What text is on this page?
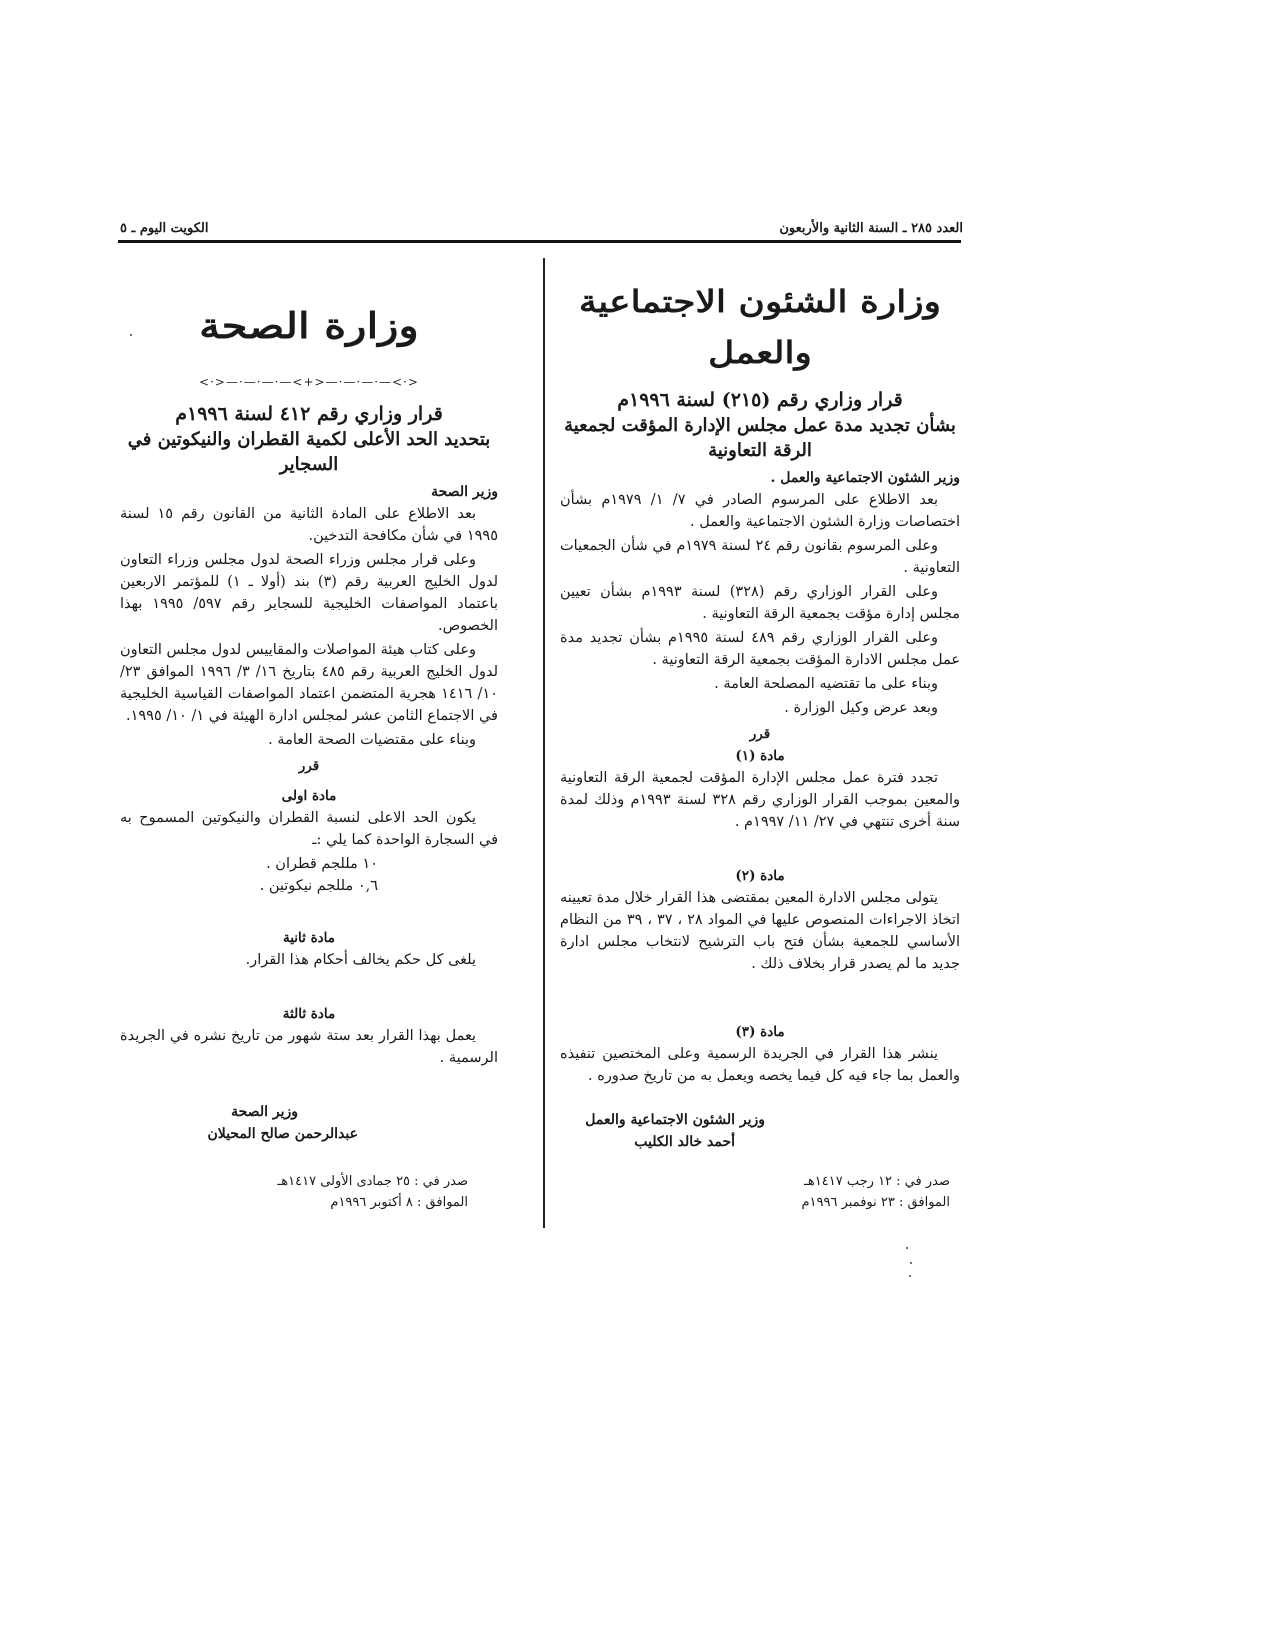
الكويت اليوم ـ ٥	العدد ٢٨٥ ـ السنة الثانية والأربعون
وزارة الصحة
<·>—·—·—·—<+>—·—·—·—<·>
قرار وزاري رقم ٤١٢ لسنة ١٩٩٦م
بتحديد الحد الأعلى لكمية القطران والنيكوتين في السجاير
وزير الصحة

بعد الاطلاع على المادة الثانية من القانون رقم ١٥ لسنة ١٩٩٥ في شأن مكافحة التدخين.

وعلى قرار مجلس وزراء الصحة لدول مجلس وزراء التعاون لدول الخليج العربية رقم (٣) بند (أولا ـ ١) للمؤتمر الاربعين باعتماد المواصفات الخليجية للسجاير رقم ٥٩٧/ ١٩٩٥ بهذا الخصوص.

وعلى كتاب هيئة المواصلات والمقاييس لدول مجلس التعاون لدول الخليج العربية رقم ٤٨٥ بتاريخ ١٦/ ٣/ ١٩٩٦ الموافق ٢٣/ ١٠/ ١٤١٦ هجرية المتضمن اعتماد المواصفات القياسية الخليجية في الاجتماع الثامن عشر لمجلس ادارة الهيئة في ١/ ١٠/ ١٩٩٥.

وبناء على مقتضيات الصحة العامة .

قرر
مادة اولى

يكون الحد الاعلى لنسبة القطران والنيكوتين المسموح به في السجارة الواحدة كما يلي :ـ

١٠ مللجم قطران .
٠,٦ مللجم نيكوتين .
مادة ثانية

يلغى كل حكم يخالف أحكام هذا القرار.

مادة ثالثة

يعمل بهذا القرار بعد ستة شهور من تاريخ نشره في الجريدة الرسمية .

وزير الصحة
عبدالرحمن صالح المحيلان
صدر في : ٢٥ جمادى الأولى ١٤١٧هـ
الموافق : ٨ أكتوبر ١٩٩٦م
وزارة الشئون الاجتماعية والعمل
قرار وزاري رقم (٢١٥) لسنة ١٩٩٦م
بشأن تجديد مدة عمل مجلس الإدارة المؤقت لجمعية الرقة التعاونية
وزير الشئون الاجتماعية والعمل .

بعد الاطلاع على المرسوم الصادر في ٧/ ١/ ١٩٧٩م بشأن اختصاصات وزارة الشئون الاجتماعية والعمل .

وعلى المرسوم بقانون رقم ٢٤ لسنة ١٩٧٩م في شأن الجمعيات التعاونية .

وعلى القرار الوزاري رقم (٣٢٨) لسنة ١٩٩٣م بشأن تعيين مجلس إدارة مؤقت بجمعية الرقة التعاونية .

وعلى القرار الوزاري رقم ٤٨٩ لسنة ١٩٩٥م بشأن تجديد مدة عمل مجلس الادارة المؤقت بجمعية الرقة التعاونية .

وبناء على ما تقتضيه المصلحة العامة .

وبعد عرض وكيل الوزارة .

قرر
مادة (١)

تجدد فترة عمل مجلس الإدارة المؤقت لجمعية الرقة التعاونية والمعين بموجب القرار الوزاري رقم ٣٢٨ لسنة ١٩٩٣م وذلك لمدة سنة أخرى تنتهي في ٢٧/ ١١/ ١٩٩٧م .

مادة (٢)

يتولى مجلس الادارة المعين بمقتضى هذا القرار خلال مدة تعيينه اتخاذ الاجراءات المنصوص عليها في المواد ٢٨ ، ٣٧ ، ٣٩ من النظام الأساسي للجمعية بشأن فتح باب الترشيح لانتخاب مجلس ادارة جديد ما لم يصدر قرار بخلاف ذلك .

مادة (٣)

ينشر هذا القرار في الجريدة الرسمية وعلى المختصين تنفيذه والعمل بما جاء فيه كل فيما يخصه ويعمل به من تاريخ صدوره .

وزير الشئون الاجتماعية والعمل
أحمد خالد الكليب
صدر في : ١٢ رجب ١٤١٧هـ
الموافق : ٢٣ نوفمبر ١٩٩٦م
